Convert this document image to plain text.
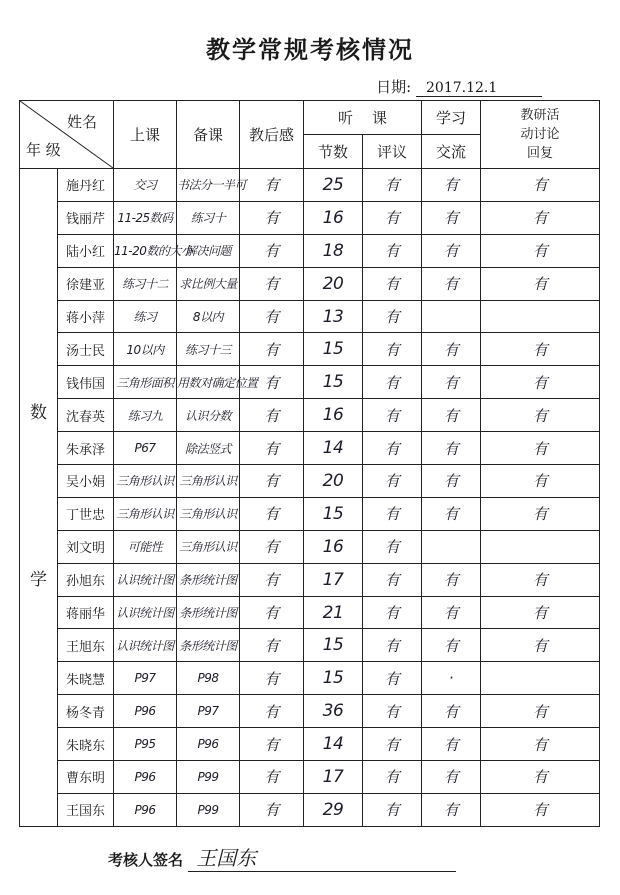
教学常规考核情况
日期: 2017.12.1
姓名
年 级		上课	备课	教后感	听    课		学习	教研活
动讨论
回复
					节数	评议	交流	

数
学	施丹红	交习	书法分一半可	有	25	有	有	有
	钱丽芹	11-25数码	练习十	有	16	有	有	有
	陆小红	11-20数的大小	解决问题	有	18	有	有	有
	徐建亚	练习十二	求比例大量	有	20	有	有	有
	蒋小萍	练习	8以内	有	13	有		
	汤士民	10以内	练习十三	有	15	有	有	有
	钱伟国	三角形面积	用数对确定位置	有	15	有	有	有
	沈春英	练习九	认识分数	有	16	有	有	有
	朱承泽	P67	除法竖式	有	14	有	有	有
	吴小娟	三角形认识	三角形认识	有	20	有	有	有
	丁世忠	三角形认识	三角形认识	有	15	有	有	有
	刘文明	可能性	三角形认识	有	16	有		
	孙旭东	认识统计图	条形统计图	有	17	有	有	有
	蒋丽华	认识统计图	条形统计图	有	21	有	有	有
	王旭东	认识统计图	条形统计图	有	15	有	有	有
	朱晓慧	P97	P98	有	15	有	·	
	杨冬青	P96	P97	有	36	有	有	有
	朱晓东	P95	P96	有	14	有	有	有
	曹东明	P96	P99	有	17	有	有	有
	王国东	P96	P99	有	29	有	有	有
考核人签名 王国东
